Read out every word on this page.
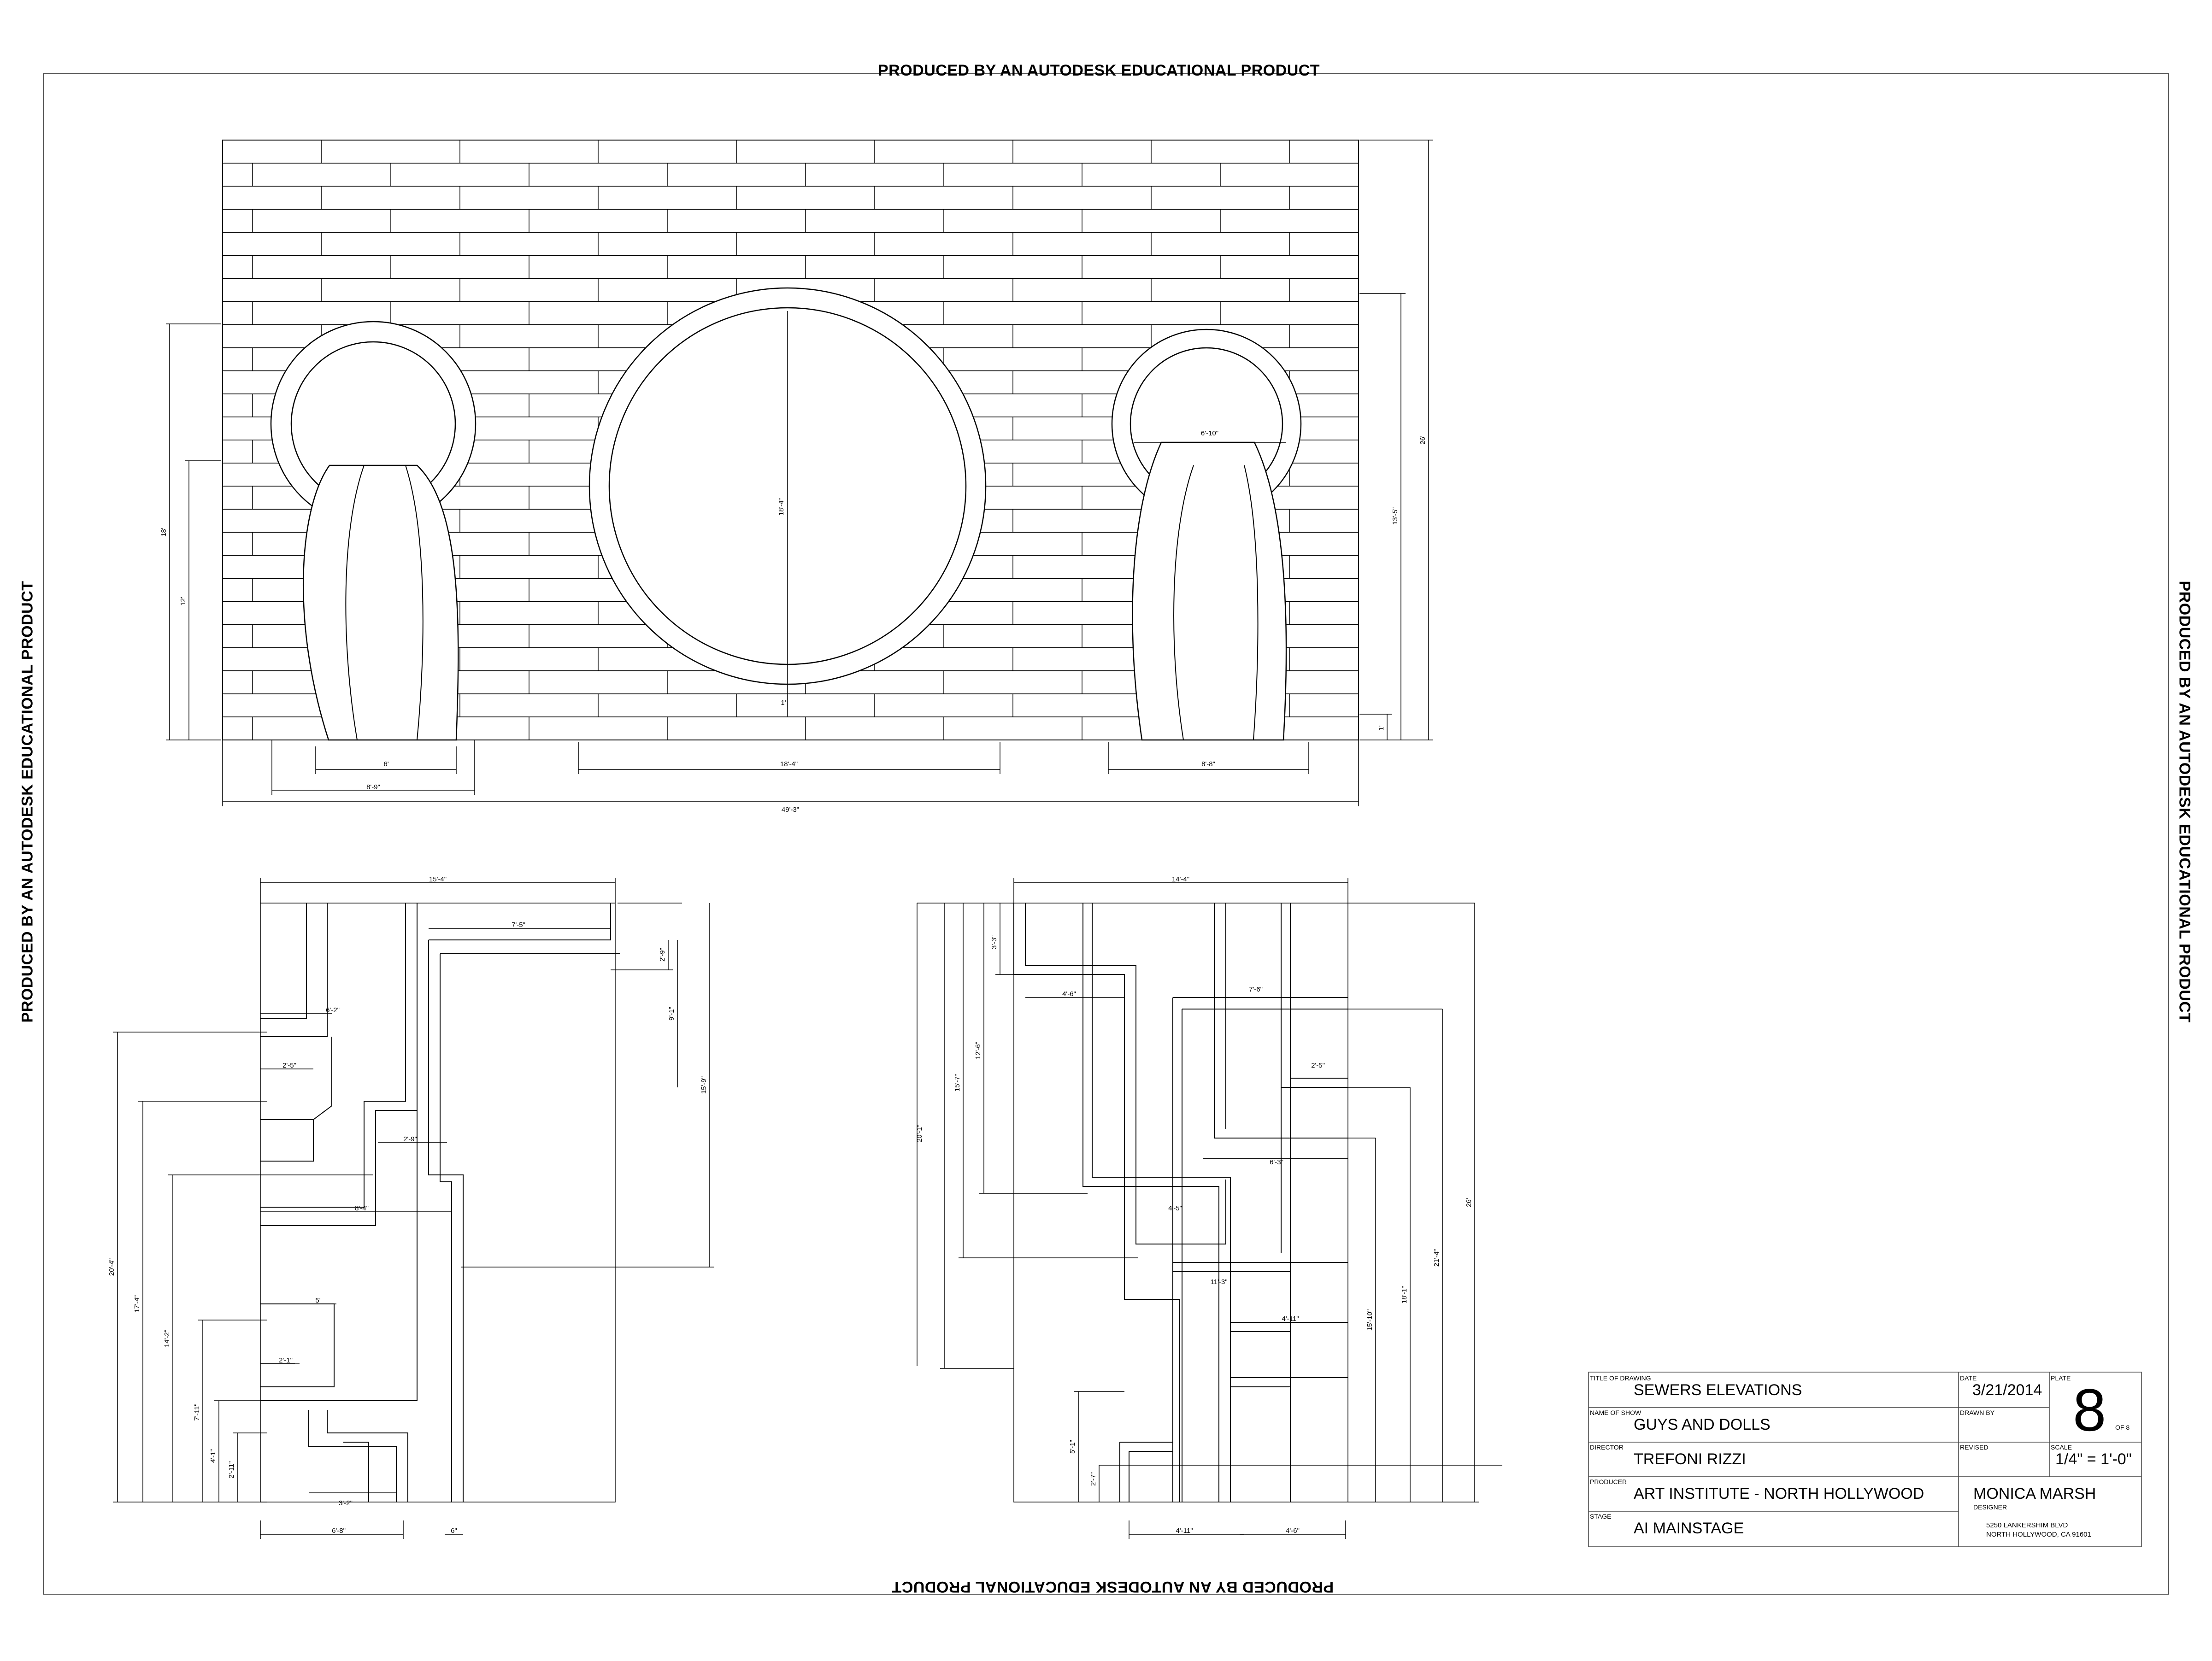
49'-3"
8'-9"
6'	18'-4"	8'-8"
6'-10"
18'-4"
1'
18'
12'
26'
13'-5"
1'
15'-4"
7'-5"
2'-9"
9'-1"
15'-9"
6'-2"
2'-5"
2'-9"
8'-4"
5'
2'-1"
3'-2"
6'-8"	6"
20'-4"
17'-4"
14'-2"
7'-11"
4'-1"
2'-11"
14'-4"
3'-3"
4'-6"
7'-6"
2'-5"
6'-3"
4'-5"
11'-3"
4'-11"
4'-11"	4'-6"
12'-6"
15'-7"
20'-1"
26'
21'-4"
18'-1"
15'-10"
5'-1"
2'-7"
TITLE OF DRAWING
SEWERS ELEVATIONS
NAME OF SHOW
GUYS AND DOLLS
DIRECTOR
TREFONI RIZZI
PRODUCER
ART INSTITUTE - NORTH HOLLYWOOD
STAGE
AI MAINSTAGE
DATE
3/21/2014
DRAWN BY
REVISED
PLATE 8 OF 8
SCALE
1/4" = 1'-0"
MONICA MARSH
DESIGNER
5250 LANKERSHIM BLVD
NORTH HOLLYWOOD, CA 91601
PRODUCED BY AN AUTODESK EDUCATIONAL PRODUCT
PRODUCED BY AN AUTODESK EDUCATIONAL PRODUCT
PRODUCED BY AN AUTODESK EDUCATIONAL PRODUCT	PRODUCED BY AN AUTODESK EDUCATIONAL PRODUCT
